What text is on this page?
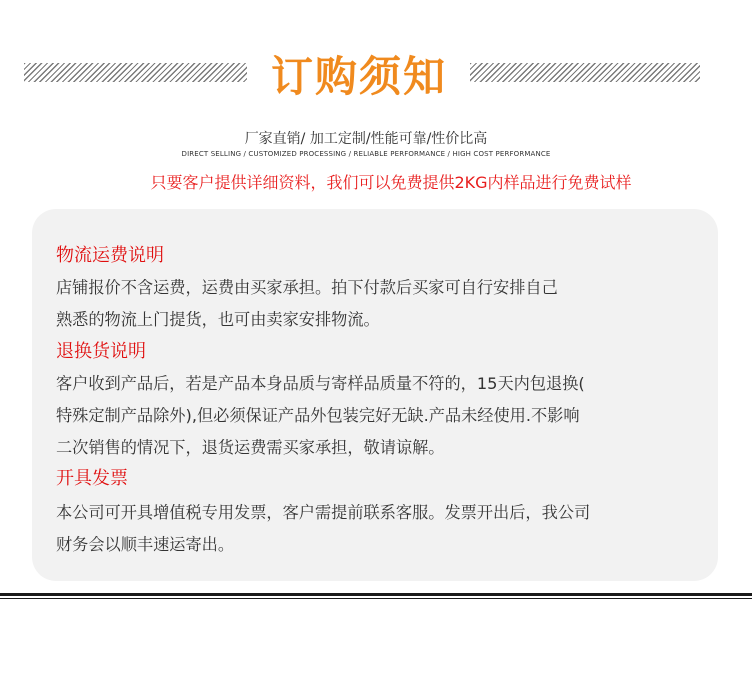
订购须知
厂家直销/ 加工定制/性能可靠/性价比高
DIRECT SELLING / CUSTOMIZED PROCESSING / RELIABLE PERFORMANCE / HIGH COST PERFORMANCE
只要客户提供详细资料，我们可以免费提供2KG内样品进行免费试样
物流运费说明
店铺报价不含运费，运费由买家承担。拍下付款后买家可自行安排自己
熟悉的物流上门提货，也可由卖家安排物流。
退换货说明
客户收到产品后，若是产品本身品质与寄样品质量不符的，15天内包退换(
特殊定制产品除外),但必须保证产品外包装完好无缺.产品未经使用.不影响
二次销售的情况下，退货运费需买家承担，敬请谅解。
开具发票
本公司可开具增值税专用发票，客户需提前联系客服。发票开出后，我公司
财务会以顺丰速运寄出。
